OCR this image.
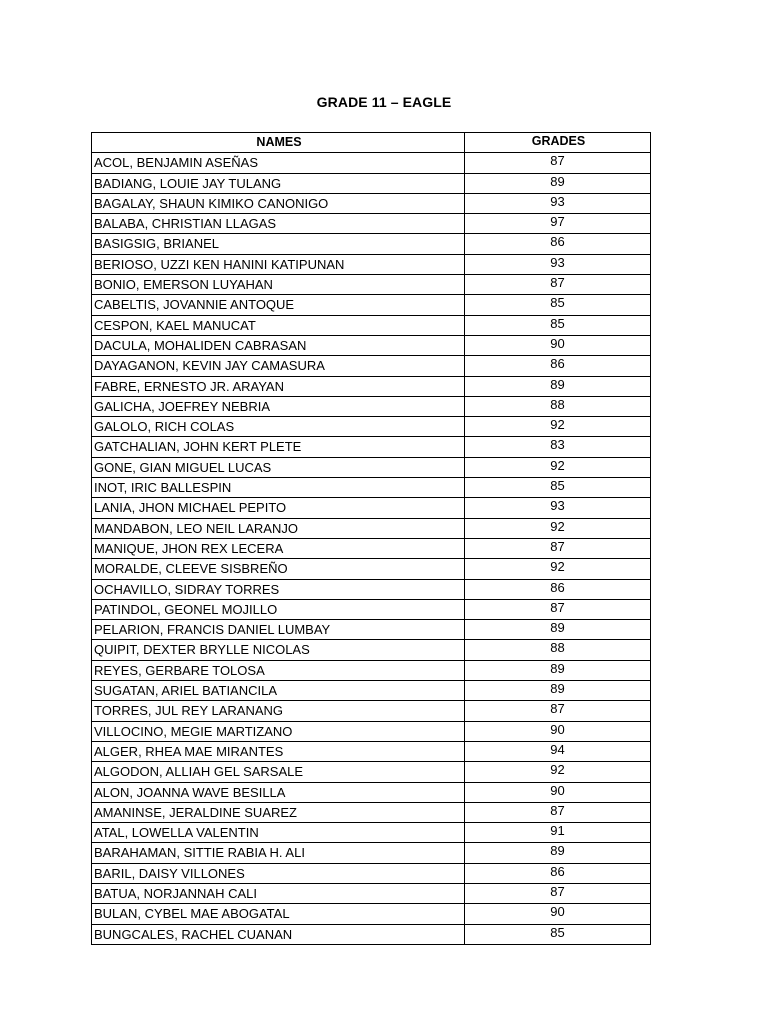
GRADE 11 – EAGLE
NAMES	GRADES
ACOL, BENJAMIN ASEÑAS	87
BADIANG, LOUIE JAY TULANG	89
BAGALAY, SHAUN KIMIKO CANONIGO	93
BALABA, CHRISTIAN LLAGAS	97
BASIGSIG, BRIANEL	86
BERIOSO, UZZI KEN HANINI KATIPUNAN	93
BONIO, EMERSON LUYAHAN	87
CABELTIS, JOVANNIE ANTOQUE	85
CESPON, KAEL MANUCAT	85
DACULA, MOHALIDEN CABRASAN	90
DAYAGANON, KEVIN JAY CAMASURA	86
FABRE, ERNESTO JR. ARAYAN	89
GALICHA, JOEFREY NEBRIA	88
GALOLO, RICH COLAS	92
GATCHALIAN, JOHN KERT PLETE	83
GONE, GIAN MIGUEL LUCAS	92
INOT, IRIC BALLESPIN	85
LANIA, JHON MICHAEL PEPITO	93
MANDABON, LEO NEIL LARANJO	92
MANIQUE, JHON REX LECERA	87
MORALDE, CLEEVE SISBREÑO	92
OCHAVILLO, SIDRAY TORRES	86
PATINDOL, GEONEL MOJILLO	87
PELARION, FRANCIS DANIEL LUMBAY	89
QUIPIT, DEXTER BRYLLE NICOLAS	88
REYES, GERBARE TOLOSA	89
SUGATAN, ARIEL BATIANCILA	89
TORRES, JUL REY LARANANG	87
VILLOCINO, MEGIE MARTIZANO	90
ALGER, RHEA MAE MIRANTES	94
ALGODON, ALLIAH GEL SARSALE	92
ALON, JOANNA WAVE BESILLA	90
AMANINSE, JERALDINE SUAREZ	87
ATAL, LOWELLA VALENTIN	91
BARAHAMAN, SITTIE RABIA H. ALI	89
BARIL, DAISY VILLONES	86
BATUA, NORJANNAH CALI	87
BULAN, CYBEL MAE ABOGATAL	90
BUNGCALES, RACHEL CUANAN	85
